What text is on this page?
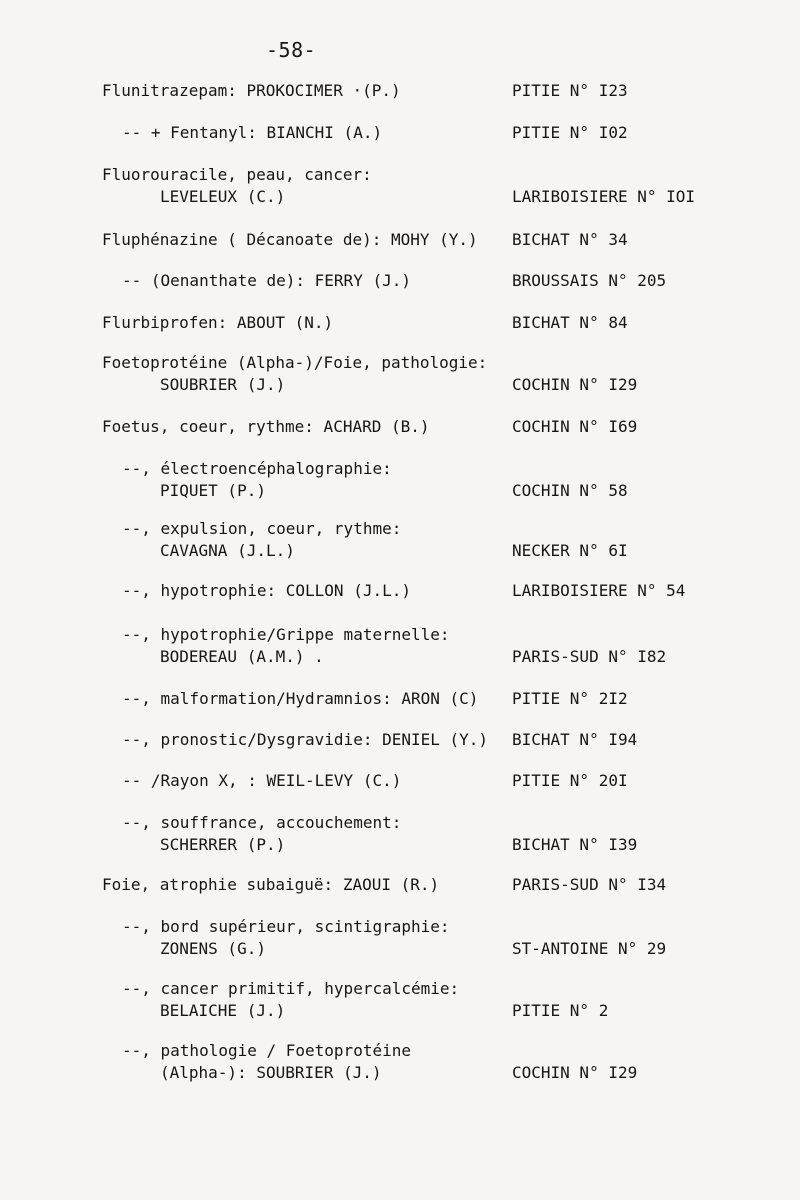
-58-
Flunitrazepam: PROKOCIMER ·(P.)	PITIE N° I23
-- + Fentanyl: BIANCHI (A.)	PITIE N° I02
Fluorouracile, peau, cancer:
LEVELEUX (C.)	LARIBOISIERE N° IOI
Fluphénazine ( Décanoate de): MOHY (Y.) BICHAT N° 34
-- (Oenanthate de): FERRY (J.)	BROUSSAIS N° 205
Flurbiprofen: ABOUT (N.)	BICHAT N° 84
Foetoprotéine (Alpha-)/Foie, pathologie:
SOUBRIER (J.)	COCHIN N° I29
Foetus, coeur, rythme: ACHARD (B.)	COCHIN N° I69
--, électroencéphalographie:
PIQUET (P.)	COCHIN N° 58
--, expulsion, coeur, rythme:
CAVAGNA (J.L.)	NECKER N° 6I
--, hypotrophie: COLLON (J.L.)	LARIBOISIERE N° 54
--, hypotrophie/Grippe maternelle:
BODEREAU (A.M.) .	PARIS-SUD N° I82
--, malformation/Hydramnios: ARON (C) PITIE N° 2I2
--, pronostic/Dysgravidie: DENIEL (Y.) BICHAT N° I94
-- /Rayon X, : WEIL-LEVY (C.)	PITIE N° 20I
--, souffrance, accouchement:
SCHERRER (P.)	BICHAT N° I39
Foie, atrophie subaiguë: ZAOUI (R.)	PARIS-SUD N° I34
--, bord supérieur, scintigraphie:
ZONENS (G.)	ST-ANTOINE N° 29
--, cancer primitif, hypercalcémie:
BELAICHE (J.)	PITIE N° 2
--, pathologie / Foetoprotéine
(Alpha-): SOUBRIER (J.)	COCHIN N° I29
